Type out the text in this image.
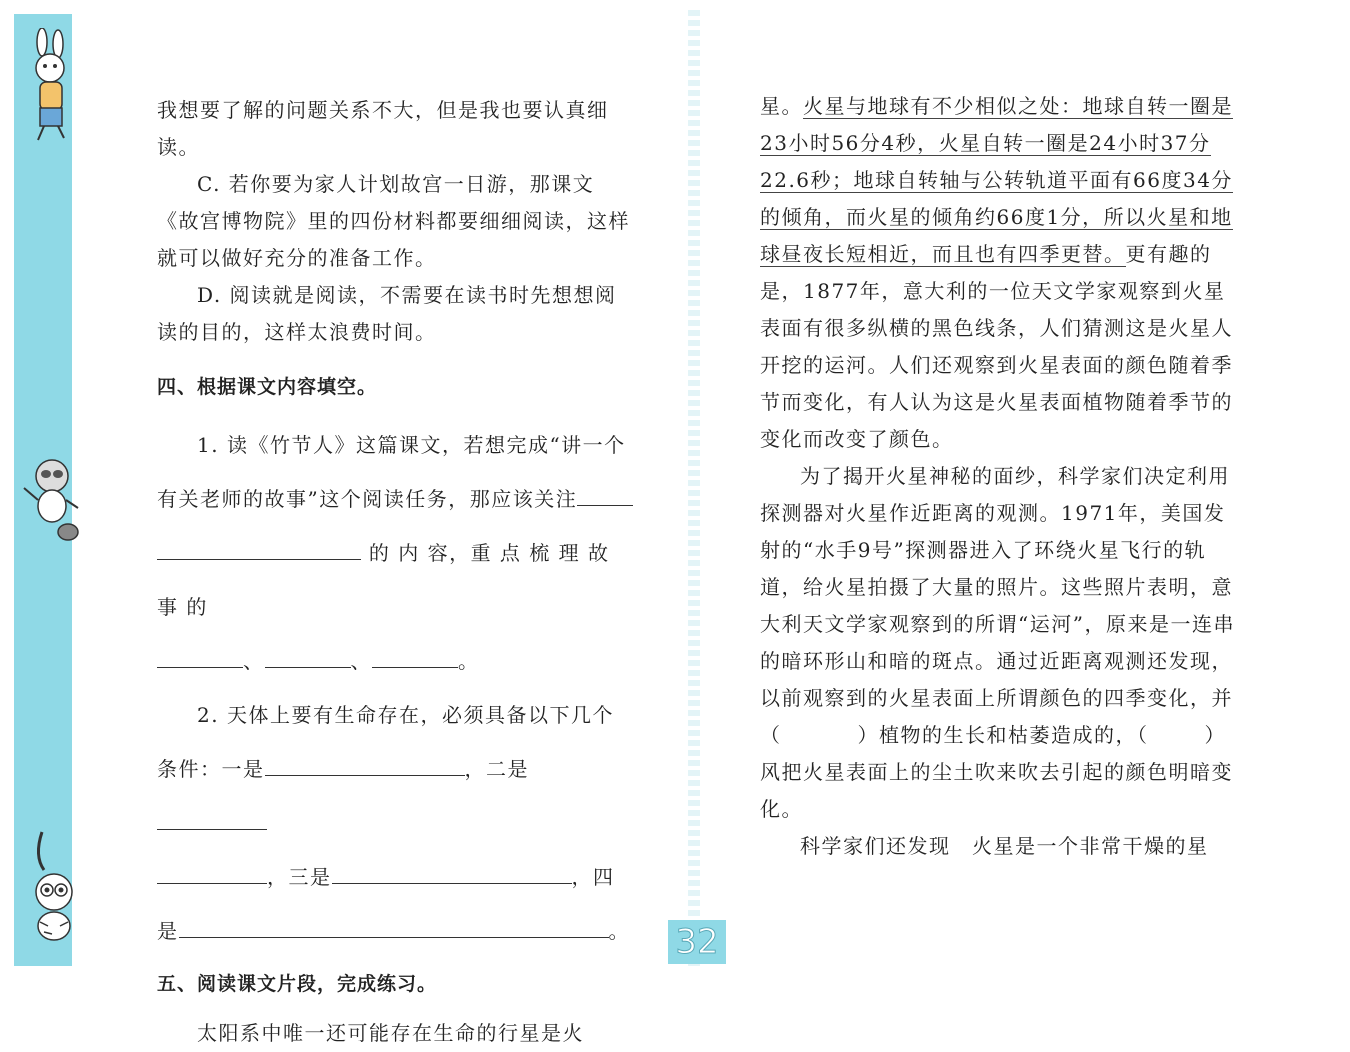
我想要了解的问题关系不大，但是我也要认真细读。

C. 若你要为家人计划故宫一日游，那课文《故宫博物院》里的四份材料都要细细阅读，这样就可以做好充分的准备工作。

D. 阅读就是阅读，不需要在读书时先想想阅读的目的，这样太浪费时间。

四、根据课文内容填空。

1. 读《竹节人》这篇课文，若想完成“讲一个有关老师的故事”这个阅读任务，那应该关注

的 内 容，重 点 梳 理 故 事 的

、	、	。

2. 天体上要有生命存在，必须具备以下几个

条件：一是	，二是

，三是	，四

是	。

五、阅读课文片段，完成练习。

太阳系中唯一还可能存在生命的行星是火

星。火星与地球有不少相似之处：地球自转一圈是23小时56分4秒，火星自转一圈是24小时37分22.6秒；地球自转轴与公转轨道平面有66度34分的倾角，而火星的倾角约66度1分，所以火星和地球昼夜长短相近，而且也有四季更替。更有趣的是，1877年，意大利的一位天文学家观察到火星表面有很多纵横的黑色线条，人们猜测这是火星人开挖的运河。人们还观察到火星表面的颜色随着季节而变化，有人认为这是火星表面植物随着季节的变化而改变了颜色。

为了揭开火星神秘的面纱，科学家们决定利用探测器对火星作近距离的观测。1971年，美国发射的“水手9号”探测器进入了环绕火星飞行的轨道，给火星拍摄了大量的照片。这些照片表明，意大利天文学家观察到的所谓“运河”，原来是一连串的暗环形山和暗的斑点。通过近距离观测还发现，以前观察到的火星表面上所谓颜色的四季变化，并

（	）植物的生长和枯萎造成的，（	）风把火星表面上的尘土吹来吹去引起的颜色明暗变化。

科学家们还发现　火星是一个非常干燥的星

32
